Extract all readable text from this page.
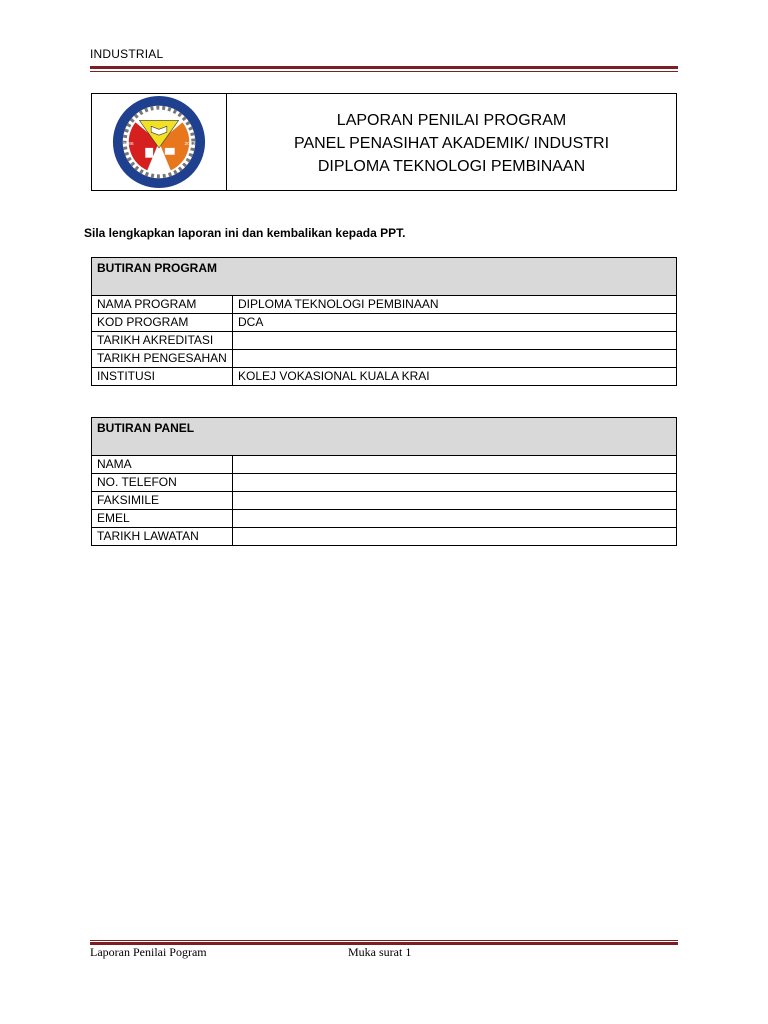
INDUSTRIAL
1986	2012
LAPORAN PENILAI PROGRAM
PANEL PENASIHAT AKADEMIK/ INDUSTRI
DIPLOMA TEKNOLOGI PEMBINAAN
Sila lengkapkan laporan ini dan kembalikan kepada PPT.
BUTIRAN PROGRAM	
NAMA PROGRAM	DIPLOMA TEKNOLOGI PEMBINAAN
KOD PROGRAM	DCA
TARIKH AKREDITASI	
TARIKH PENGESAHAN	
INSTITUSI	KOLEJ VOKASIONAL KUALA KRAI
BUTIRAN PANEL	
NAMA	
NO. TELEFON	
FAKSIMILE	
EMEL	
TARIKH LAWATAN	
Laporan Penilai Pogram	Muka surat 1
